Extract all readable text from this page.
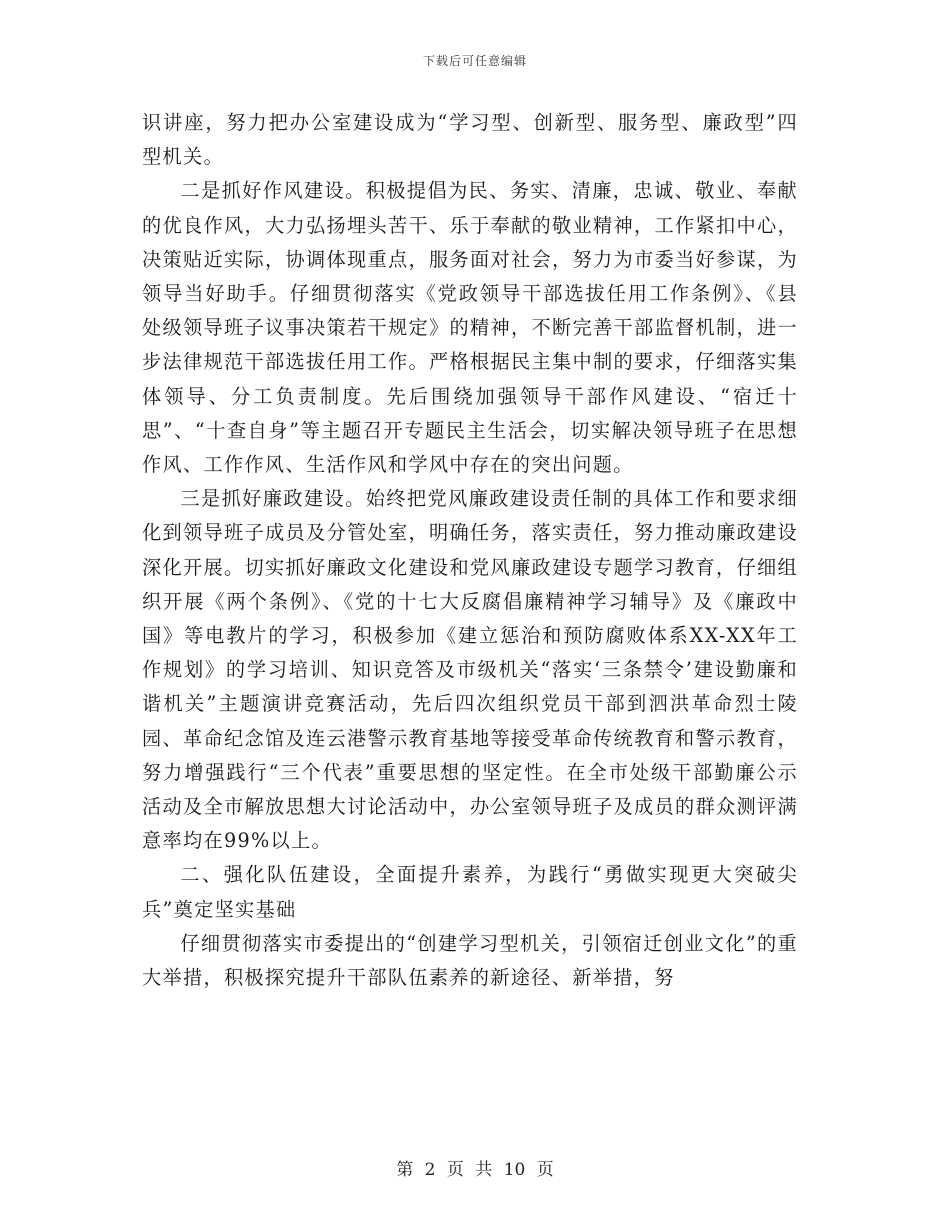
下载后可任意编辑

识讲座，努力把办公室建设成为“学习型、创新型、服务型、廉政型”四型机关。

二是抓好作风建设。积极提倡为民、务实、清廉，忠诚、敬业、奉献的优良作风，大力弘扬埋头苦干、乐于奉献的敬业精神，工作紧扣中心，决策贴近实际，协调体现重点，服务面对社会，努力为市委当好参谋，为领导当好助手。仔细贯彻落实《党政领导干部选拔任用工作条例》、《县处级领导班子议事决策若干规定》的精神，不断完善干部监督机制，进一步法律规范干部选拔任用工作。严格根据民主集中制的要求，仔细落实集体领导、分工负责制度。先后围绕加强领导干部作风建设、“宿迁十思”、“十查自身”等主题召开专题民主生活会，切实解决领导班子在思想作风、工作作风、生活作风和学风中存在的突出问题。

三是抓好廉政建设。始终把党风廉政建设责任制的具体工作和要求细化到领导班子成员及分管处室，明确任务，落实责任，努力推动廉政建设深化开展。切实抓好廉政文化建设和党风廉政建设专题学习教育，仔细组织开展《两个条例》、《党的十七大反腐倡廉精神学习辅导》及《廉政中国》等电教片的学习，积极参加《建立惩治和预防腐败体系XX-XX年工作规划》的学习培训、知识竞答及市级机关“落实‘三条禁令’建设勤廉和谐机关”主题演讲竞赛活动，先后四次组织党员干部到泗洪革命烈士陵园、革命纪念馆及连云港警示教育基地等接受革命传统教育和警示教育，努力增强践行“三个代表”重要思想的坚定性。在全市处级干部勤廉公示活动及全市解放思想大讨论活动中，办公室领导班子及成员的群众测评满意率均在99%以上。

二、强化队伍建设，全面提升素养，为践行“勇做实现更大突破尖兵”奠定坚实基础

仔细贯彻落实市委提出的“创建学习型机关，引领宿迁创业文化”的重大举措，积极探究提升干部队伍素养的新途径、新举措，努

第 2 页 共 10 页
